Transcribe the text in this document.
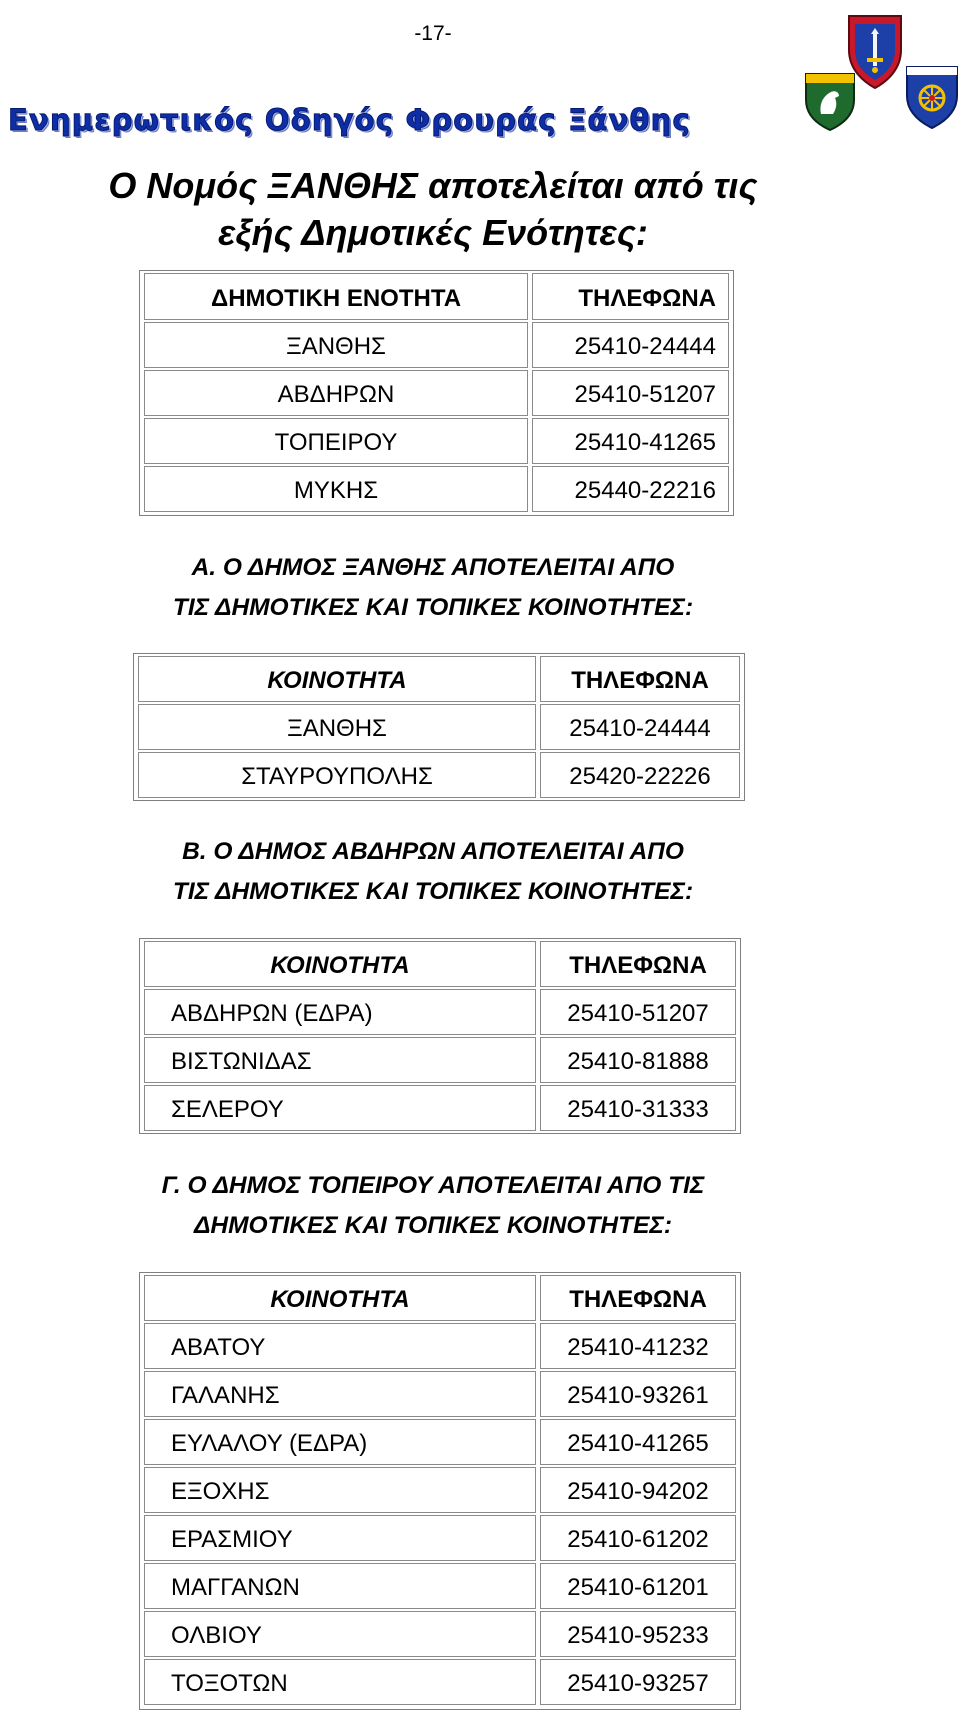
-17-
Ενημερωτικός Οδηγός Φρουράς Ξάνθης
Ο Νομός ΞΑΝΘΗΣ αποτελείται από τις
εξής Δημοτικές Ενότητες:
ΔΗΜΟΤΙΚΗ ΕΝΟΤΗΤΑ	ΤΗΛΕΦΩΝΑ
ΞΑΝΘΗΣ	25410-24444
ΑΒΔΗΡΩΝ	25410-51207
ΤΟΠΕΙΡΟΥ	25410-41265
ΜΥΚΗΣ	25440-22216
Α. Ο ΔΗΜΟΣ ΞΑΝΘΗΣ ΑΠΟΤΕΛΕΙΤΑΙ ΑΠΟ
ΤΙΣ ΔΗΜΟΤΙΚΕΣ ΚΑΙ ΤΟΠΙΚΕΣ ΚΟΙΝΟΤΗΤΕΣ:
ΚΟΙΝΟΤΗΤΑ	ΤΗΛΕΦΩΝΑ
ΞΑΝΘΗΣ	25410-24444
ΣΤΑΥΡΟΥΠΟΛΗΣ	25420-22226
Β. Ο ΔΗΜΟΣ ΑΒΔΗΡΩΝ ΑΠΟΤΕΛΕΙΤΑΙ ΑΠΟ
ΤΙΣ ΔΗΜΟΤΙΚΕΣ ΚΑΙ ΤΟΠΙΚΕΣ ΚΟΙΝΟΤΗΤΕΣ:
ΚΟΙΝΟΤΗΤΑ	ΤΗΛΕΦΩΝΑ
ΑΒΔΗΡΩΝ (ΕΔΡΑ)	25410-51207
ΒΙΣΤΩΝΙΔΑΣ	25410-81888
ΣΕΛΕΡΟΥ	25410-31333
Γ. Ο ΔΗΜΟΣ ΤΟΠΕΙΡΟΥ ΑΠΟΤΕΛΕΙΤΑΙ ΑΠΟ ΤΙΣ
ΔΗΜΟΤΙΚΕΣ ΚΑΙ ΤΟΠΙΚΕΣ ΚΟΙΝΟΤΗΤΕΣ:
ΚΟΙΝΟΤΗΤΑ	ΤΗΛΕΦΩΝΑ
ΑΒΑΤΟΥ	25410-41232
ΓΑΛΑΝΗΣ	25410-93261
ΕΥΛΑΛΟΥ (ΕΔΡΑ)	25410-41265
ΕΞΟΧΗΣ	25410-94202
ΕΡΑΣΜΙΟΥ	25410-61202
ΜΑΓΓΑΝΩΝ	25410-61201
ΟΛΒΙΟΥ	25410-95233
ΤΟΞΟΤΩΝ	25410-93257
